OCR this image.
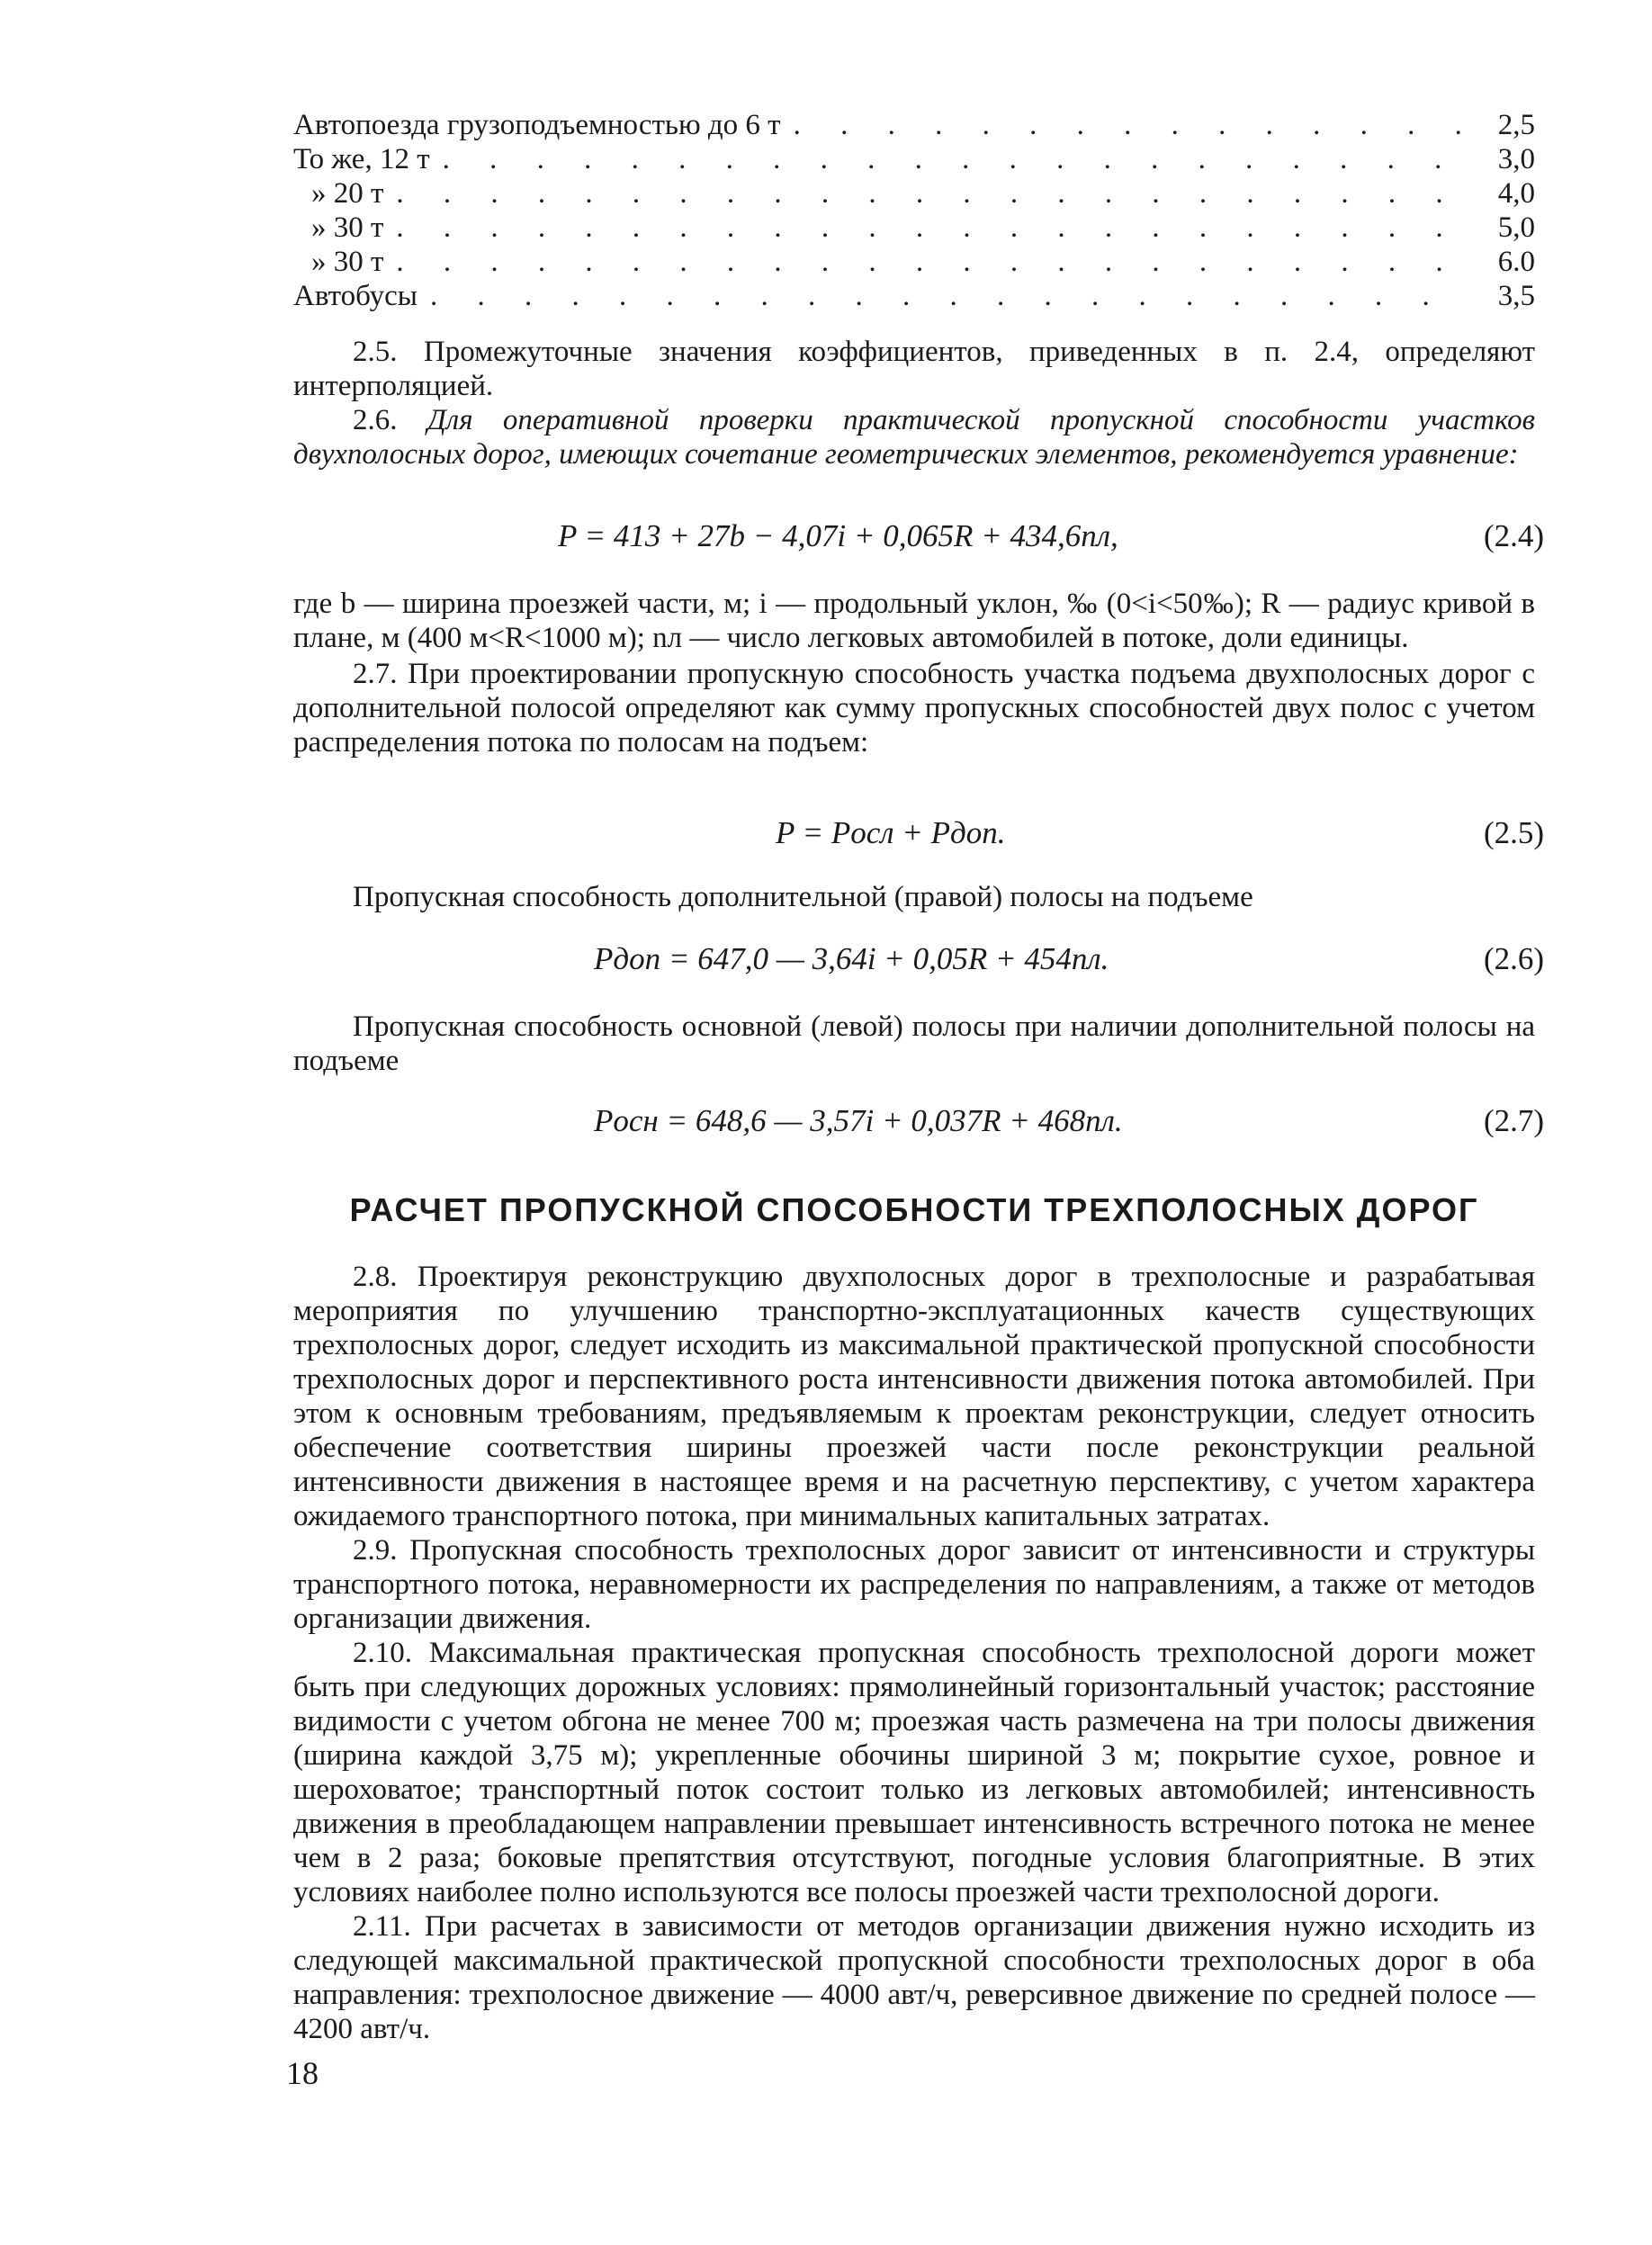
Автопоезда грузоподъемностью до 6 т . . .	2,5
То же, 12 т . . .	3,0
» 20 т . . .	4,0
» 30 т . . .	5,0
» 30 т . . .	6.0
Автобусы . . .	3,5

2.5. Промежуточные значения коэффициентов, приведенных в п. 2.4, определяют интерполяцией.

2.6. Для оперативной проверки практической пропускной способности участков двухполосных дорог, имеющих сочетание геометрических элементов, рекомендуется уравнение:

P = 413 + 27b − 4,07i + 0,065R + 434,6nл,	(2.4)

где b — ширина проезжей части, м; i — продольный уклон, ‰ (0<i<50‰); R — радиус кривой в плане, м (400 м<R<1000 м); nл — число легковых автомобилей в потоке, доли единицы.

2.7. При проектировании пропускную способность участка подъема двухполосных дорог с дополнительной полосой определяют как сумму пропускных способностей двух полос с учетом распределения потока по полосам на подъем:

P = Pосл + Pдоп.	(2.5)

Пропускная способность дополнительной (правой) полосы на подъеме

Pдоп = 647,0 — 3,64i + 0,05R + 454nл.	(2.6)

Пропускная способность основной (левой) полосы при наличии дополнительной полосы на подъеме

Pосн = 648,6 — 3,57i + 0,037R + 468nл.	(2.7)
РАСЧЕТ ПРОПУСКНОЙ СПОСОБНОСТИ ТРЕХПОЛОСНЫХ ДОРОГ

2.8. Проектируя реконструкцию двухполосных дорог в трехполосные и разрабатывая мероприятия по улучшению транспортно-эксплуатационных качеств существующих трехполосных дорог, следует исходить из максимальной практической пропускной способности трехполосных дорог и перспективного роста интенсивности движения потока автомобилей. При этом к основным требованиям, предъявляемым к проектам реконструкции, следует относить обеспечение соответствия ширины проезжей части после реконструкции реальной интенсивности движения в настоящее время и на расчетную перспективу, с учетом характера ожидаемого транспортного потока, при минимальных капитальных затратах.

2.9. Пропускная способность трехполосных дорог зависит от интенсивности и структуры транспортного потока, неравномерности их распределения по направлениям, а также от методов организации движения.

2.10. Максимальная практическая пропускная способность трехполосной дороги может быть при следующих дорожных условиях: прямолинейный горизонтальный участок; расстояние видимости с учетом обгона не менее 700 м; проезжая часть размечена на три полосы движения (ширина каждой 3,75 м); укрепленные обочины шириной 3 м; покрытие сухое, ровное и шероховатое; транспортный поток состоит только из легковых автомобилей; интенсивность движения в преобладающем направлении превышает интенсивность встречного потока не менее чем в 2 раза; боковые препятствия отсутствуют, погодные условия благоприятные. В этих условиях наиболее полно используются все полосы проезжей части трехполосной дороги.

2.11. При расчетах в зависимости от методов организации движения нужно исходить из следующей максимальной практической пропускной способности трехполосных дорог в оба направления: трехполосное движение — 4000 авт/ч, реверсивное движение по средней полосе — 4200 авт/ч.

18
